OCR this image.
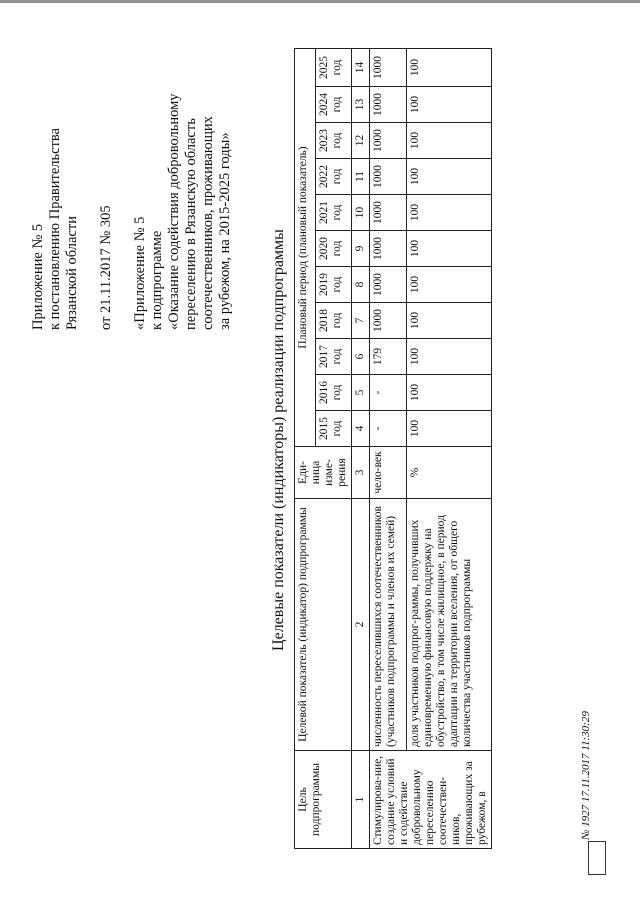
Приложение № 5 к постановлению Правительства Рязанской области
от 21.11.2017 № 305
«Приложение № 5 к подпрограмме «Оказание содействия добровольному переселению в Рязанскую область соотечественников, проживающих за рубежом, на 2015-2025 годы» Целевые показатели (индикаторы) реализации подпрограммы
Цель подпрограммы	Целевой показатель (индикатор) подпрограммы	Еди-ница изме-рения	Плановый период (плановый показатель)										
			2015 год	2016 год	2017 год	2018 год	2019 год	2020 год	2021 год	2022 год	2023 год	2024 год	2025 год
1	2	3	4	5	6	7	8	9	10	11	12	13	14
Стимулирова-ние, создание условий и содействие добровольному переселению соотечествен-ников, проживающих за рубежом, в	численность переселившихся соотечественников (участников подпрограммы и членов их семей)	чело-век	-	-	179	1000	1000	1000	1000	1000	1000	1000	1000
	доля участников подпрог-раммы, получивших единовременную финансовую поддержку на обустройство, в том числе жилищное, в период адаптации на территории вселения, от общего количества участников подпрограммы	%	100	100	100	100	100	100	100	100	100	100	100
№ 1927 17.11.2017 11:30:29
